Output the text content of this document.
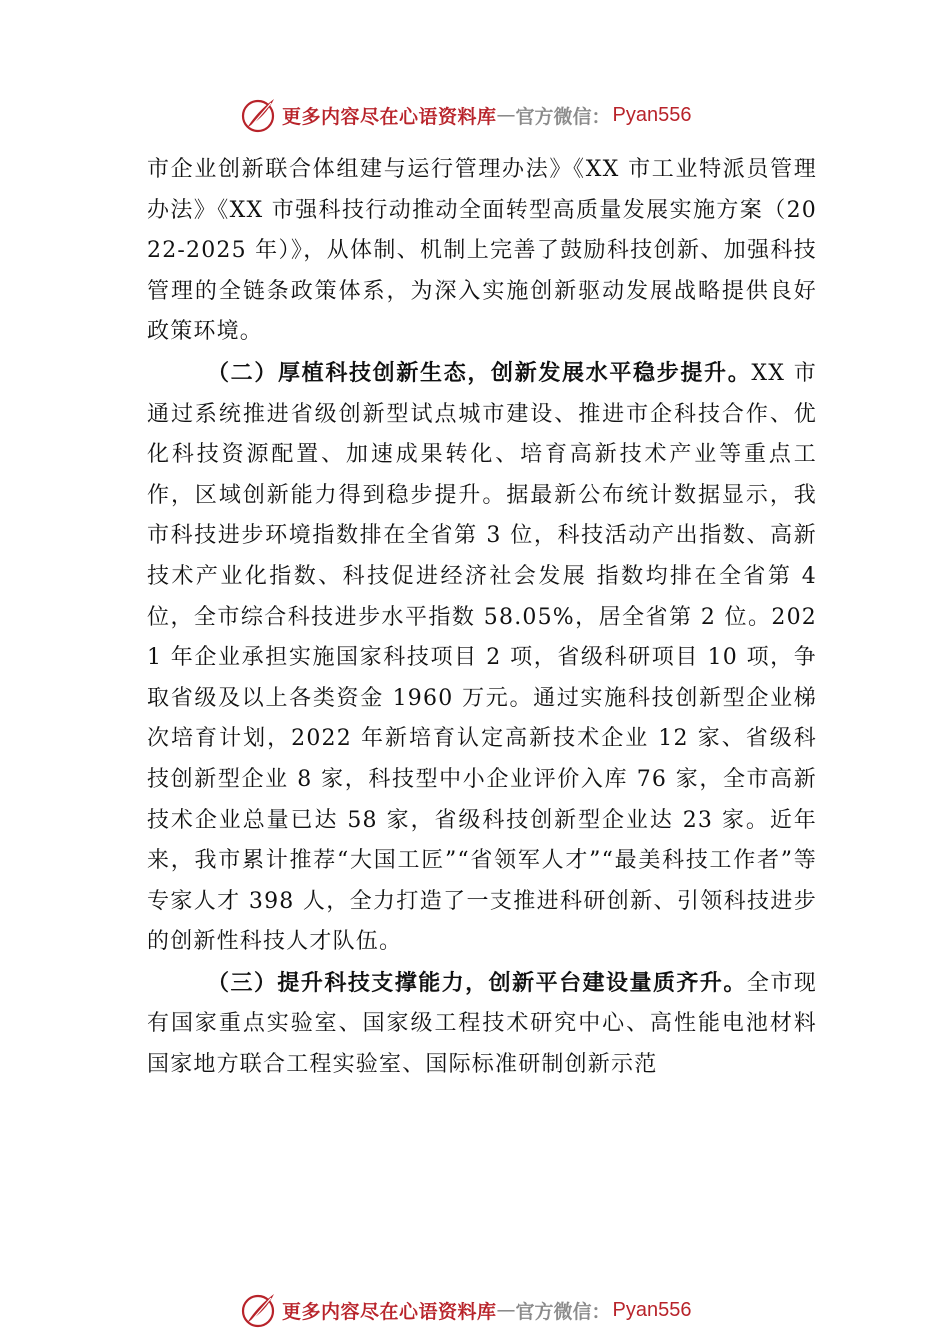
更多内容尽在心语资料库 — 官方微信： Pyan556

市企业创新联合体组建与运行管理办法》《XX 市工业特派员管理办法》《XX 市强科技行动推动全面转型高质量发展实施方案（2022-2025 年）》，从体制、机制上完善了鼓励科技创新、加强科技管理的全链条政策体系，为深入实施创新驱动发展战略提供良好政策环境。

（二）厚植科技创新生态，创新发展水平稳步提升。XX 市通过系统推进省级创新型试点城市建设、推进市企科技合作、优化科技资源配置、加速成果转化、培育高新技术产业等重点工作，区域创新能力得到稳步提升。据最新公布统计数据显示，我市科技进步环境指数排在全省第 3 位，科技活动产出指数、高新技术产业化指数、科技促进经济社会发展 指数均排在全省第 4 位，全市综合科技进步水平指数 58.05%，居全省第 2 位。2021 年企业承担实施国家科技项目 2 项，省级科研项目 10 项，争取省级及以上各类资金 1960 万元。通过实施科技创新型企业梯次培育计划，2022 年新培育认定高新技术企业 12 家、省级科技创新型企业 8 家，科技型中小企业评价入库 76 家，全市高新技术企业总量已达 58 家，省级科技创新型企业达 23 家。近年来，我市累计推荐“大国工匠”“省领军人才”“最美科技工作者”等专家人才 398 人，全力打造了一支推进科研创新、引领科技进步的创新性科技人才队伍。

（三）提升科技支撑能力，创新平台建设量质齐升。全市现有国家重点实验室、国家级工程技术研究中心、高性能电池材料国家地方联合工程实验室、国际标准研制创新示范

更多内容尽在心语资料库 — 官方微信： Pyan556
